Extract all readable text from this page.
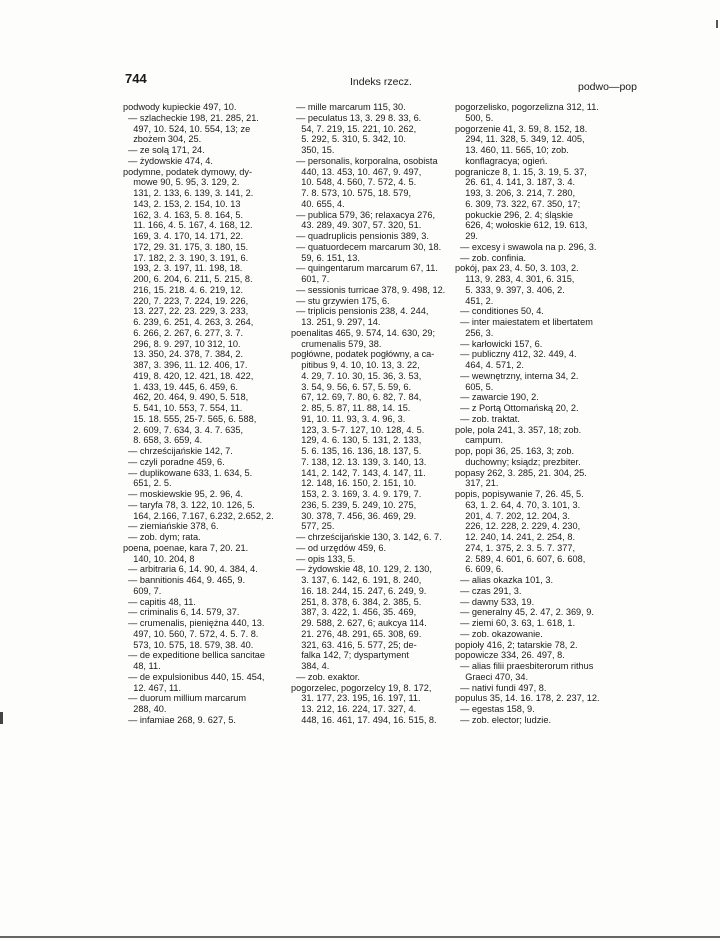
744	Indeks rzecz.	podwo—pop
podwody kupieckie 497, 10.
— szlacheckie 198, 21. 285, 21.
497, 10. 524, 10. 554, 13; ze
zbożem 304, 25.
— ze solą 171, 24.
— żydowskie 474, 4.
podymne, podatek dymowy, dy-
mowe 90, 5. 95, 3. 129, 2.
131, 2. 133, 6. 139, 3. 141, 2.
143, 2. 153, 2. 154, 10. 13
162, 3. 4. 163, 5. 8. 164, 5.
11. 166, 4. 5. 167, 4. 168, 12.
169, 3. 4. 170, 14. 171, 22.
172, 29. 31. 175, 3. 180, 15.
17. 182, 2. 3. 190, 3. 191, 6.
193, 2. 3. 197, 11. 198, 18.
200, 6. 204, 6. 211, 5. 215, 8.
216, 15. 218. 4. 6. 219, 12.
220, 7. 223, 7. 224, 19. 226,
13. 227, 22. 23. 229, 3. 233,
6. 239, 6. 251, 4. 263, 3. 264,
6. 266, 2. 267, 6. 277, 3. 7.
296, 8. 9. 297, 10 312, 10.
13. 350, 24. 378, 7. 384, 2.
387, 3. 396, 11. 12. 406, 17.
419, 8. 420, 12. 421, 18. 422,
1. 433, 19. 445, 6. 459, 6.
462, 20. 464, 9. 490, 5. 518,
5. 541, 10. 553, 7. 554, 11.
15. 18. 555, 25-7. 565, 6. 588,
2. 609, 7. 634, 3. 4. 7. 635,
8. 658, 3. 659, 4.
— chrześcijańskie 142, 7.
— czyli poradne 459, 6.
— duplikowane 633, 1. 634, 5.
651, 2. 5.
— moskiewskie 95, 2. 96, 4.
— taryfa 78, 3. 122, 10. 126, 5.
164, 2.166, 7.167, 6.232, 2.652, 2.
— ziemiańskie 378, 6.
— zob. dym; rata.
poena, poenae, kara 7, 20. 21.
140, 10. 204, 8
— arbitraria 6, 14. 90, 4. 384, 4.
— bannitionis 464, 9. 465, 9.
609, 7.
— capitis 48, 11.
— criminalis 6, 14. 579, 37.
— crumenalis, pieniężna 440, 13.
497, 10. 560, 7. 572, 4. 5. 7. 8.
573, 10. 575, 18. 579, 38. 40.
— de expeditione bellica sancitae
48, 11.
— de expulsionibus 440, 15. 454,
12. 467, 11.
— duorum millium marcarum
288, 40.
— infamiae 268, 9. 627, 5.
— mille marcarum 115, 30.
— peculatus 13, 3. 29 8. 33, 6.
54, 7. 219, 15. 221, 10. 262,
5. 292, 5. 310, 5. 342, 10.
350, 15.
— personalis, korporalna, osobista
440, 13. 453, 10. 467, 9. 497,
10. 548, 4. 560, 7. 572, 4. 5.
7. 8. 573, 10. 575, 18. 579,
40. 655, 4.
— publica 579, 36; relaxacya 276,
43. 289, 49. 307, 57. 320, 51.
— quadruplicis pensionis 389, 3.
— quatuordecem marcarum 30, 18.
59, 6. 151, 13.
— quingentarum marcarum 67, 11.
601, 7.
— sessionis turricae 378, 9. 498, 12.
— stu grzywien 175, 6.
— triplicis pensionis 238, 4. 244,
13. 251, 9. 297, 14.
poenalitas 465, 9. 574, 14. 630, 29;
crumenalis 579, 38.
pogłówne, podatek pogłówny, a ca-
pitibus 9, 4. 10, 10. 13, 3. 22,
4. 29, 7. 10. 30, 15. 36, 3. 53,
3. 54, 9. 56, 6. 57, 5. 59, 6.
67, 12. 69, 7. 80, 6. 82, 7. 84,
2. 85, 5. 87, 11. 88, 14. 15.
91, 10. 11. 93, 3. 4. 96, 3.
123, 3. 5-7. 127, 10. 128, 4. 5.
129, 4. 6. 130, 5. 131, 2. 133,
5. 6. 135, 16. 136, 18. 137, 5.
7. 138, 12. 13. 139, 3. 140, 13.
141, 2. 142, 7. 143, 4. 147, 11.
12. 148, 16. 150, 2. 151, 10.
153, 2. 3. 169, 3. 4. 9. 179, 7.
236, 5. 239, 5. 249, 10. 275,
30. 378, 7. 456, 36. 469, 29.
577, 25.
— chrześcijańskie 130, 3. 142, 6. 7.
— od urzędów 459, 6.
— opis 133, 5.
— żydowskie 48, 10. 129, 2. 130,
3. 137, 6. 142, 6. 191, 8. 240,
16. 18. 244, 15. 247, 6. 249, 9.
251, 8. 378, 6. 384, 2. 385, 5.
387, 3. 422, 1. 456, 35. 469,
29. 588, 2. 627, 6; aukcya 114.
21. 276, 48. 291, 65. 308, 69.
321, 63. 416, 5. 577, 25; de-
falka 142, 7; dyspartyment
384, 4.
— zob. exaktor.
pogorzelec, pogorzelcy 19, 8. 172,
31. 177, 23. 195, 16. 197, 11.
13. 212, 16. 224, 17. 327, 4.
448, 16. 461, 17. 494, 16. 515, 8.
pogorzelisko, pogorzelizna 312, 11.
500, 5.
pogorzenie 41, 3. 59, 8. 152, 18.
294, 11. 328, 5. 349, 12. 405,
13. 460, 11. 565, 10; zob.
konflagracya; ogień.
pogranicze 8, 1. 15, 3. 19, 5. 37,
26. 61, 4. 141, 3. 187, 3. 4.
193, 3. 206, 3. 214, 7. 280,
6. 309, 73. 322, 67. 350, 17;
pokuckie 296, 2. 4; śląskie
626, 4; wołoskie 612, 19. 613,
29.
— excesy i swawola na p. 296, 3.
— zob. confinia.
pokój, pax 23, 4. 50, 3. 103, 2.
113, 9. 283, 4. 301, 6. 315,
5. 333, 9. 397, 3. 406, 2.
451, 2.
— conditiones 50, 4.
— inter maiestatem et libertatem
256, 3.
— karłowicki 157, 6.
— publiczny 412, 32. 449, 4.
464, 4. 571, 2.
— wewnętrzny, interna 34, 2.
605, 5.
— zawarcie 190, 2.
— z Portą Ottomańską 20, 2.
— zob. traktat.
pole, pola 241, 3. 357, 18; zob.
campum.
pop, popi 36, 25. 163, 3; zob.
duchowny; ksiądz; prezbiter.
popasy 262, 3. 285, 21. 304, 25.
317, 21.
popis, popisywanie 7, 26. 45, 5.
63, 1. 2. 64, 4. 70, 3. 101, 3.
201, 4. 7. 202, 12. 204, 3.
226, 12. 228, 2. 229, 4. 230,
12. 240, 14. 241, 2. 254, 8.
274, 1. 375, 2. 3. 5. 7. 377,
2. 589, 4. 601, 6. 607, 6. 608,
6. 609, 6.
— alias okazka 101, 3.
— czas 291, 3.
— dawny 533, 19.
— generalny 45, 2. 47, 2. 369, 9.
— ziemi 60, 3. 63, 1. 618, 1.
— zob. okazowanie.
popioły 416, 2; tatarskie 78, 2.
popowicze 334, 26. 497, 8.
— alias filii praesbiterorum rithus
Graeci 470, 34.
— nativi fundi 497, 8.
populus 35, 14. 16. 178, 2. 237, 12.
— egestas 158, 9.
— zob. elector; ludzie.
